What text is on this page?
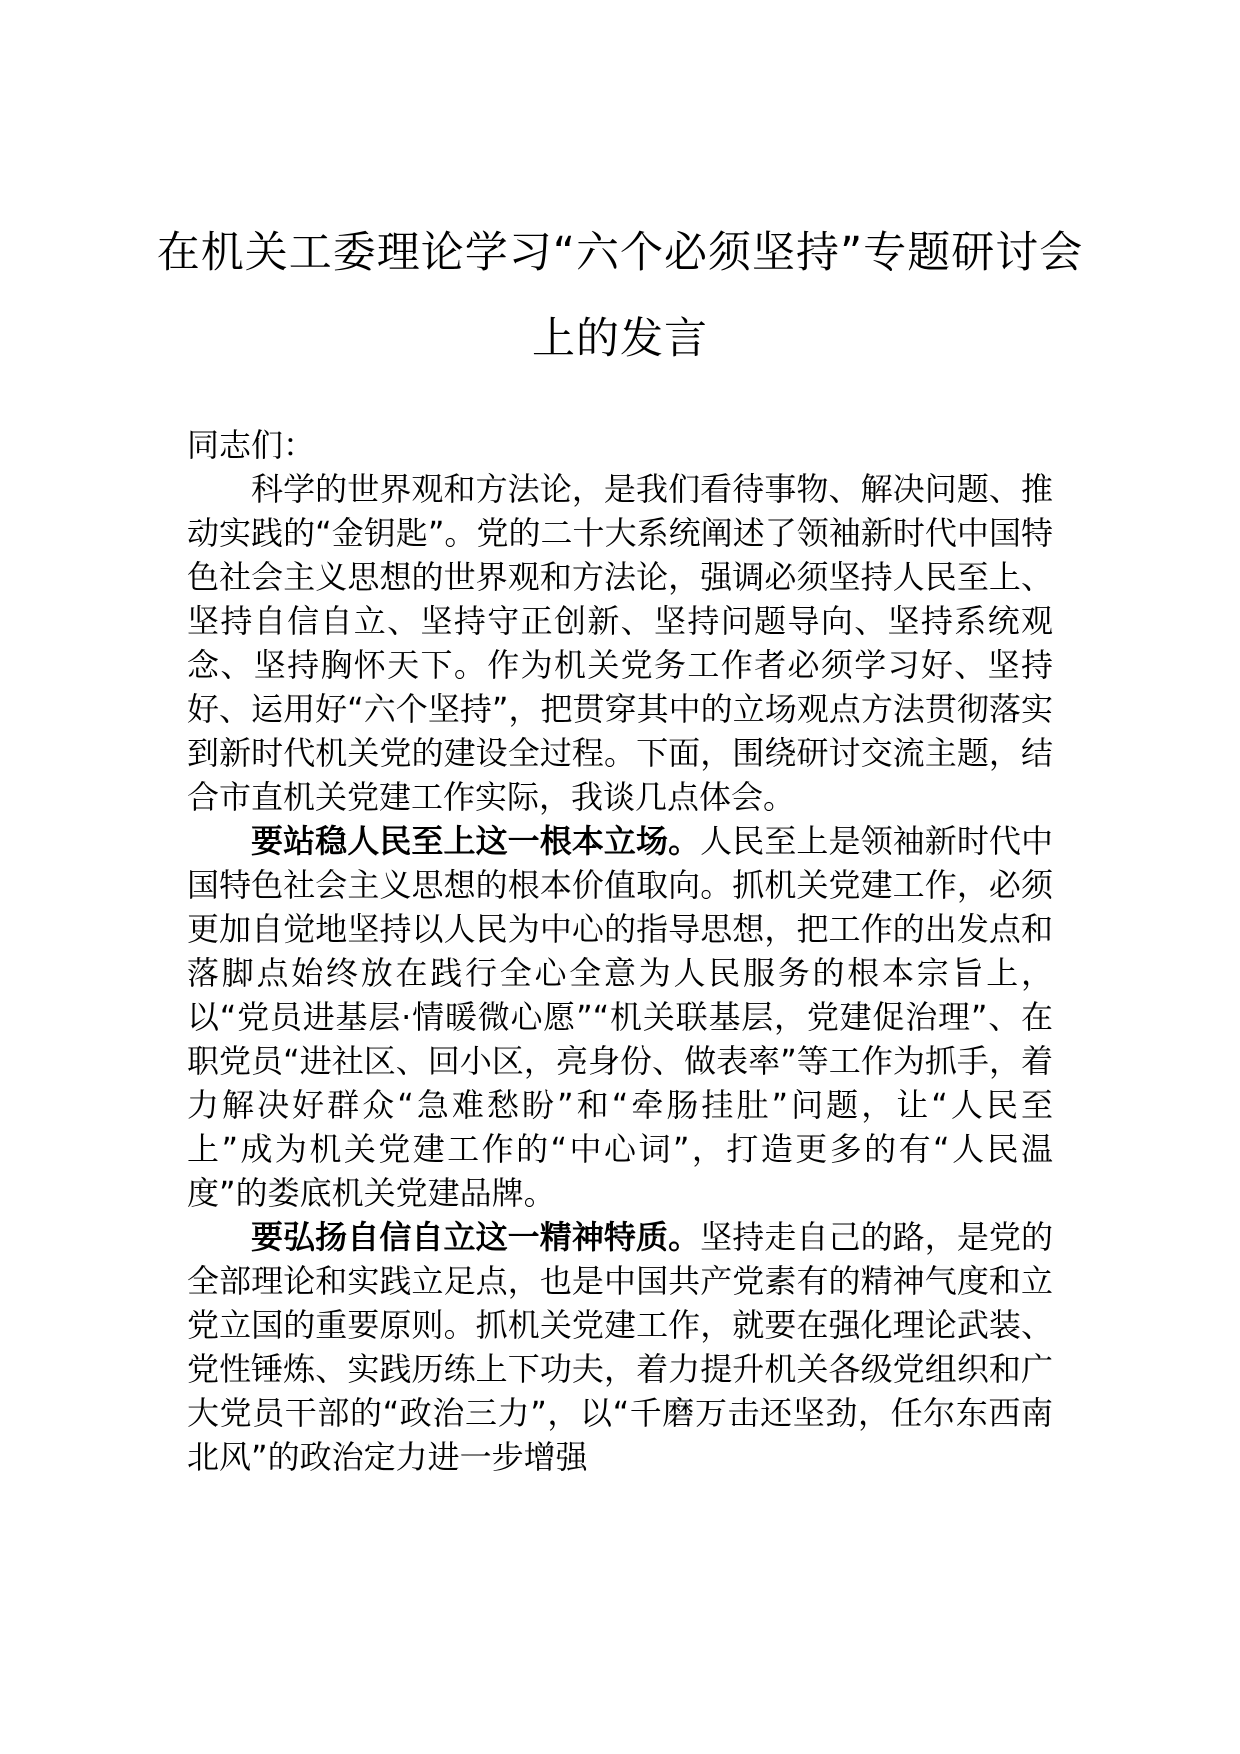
在机关工委理论学习“六个必须坚持”专题研讨会上的发言

同志们：

科学的世界观和方法论，是我们看待事物、解决问题、推动实践的“金钥匙”。党的二十大系统阐述了领袖新时代中国特色社会主义思想的世界观和方法论，强调必须坚持人民至上、坚持自信自立、坚持守正创新、坚持问题导向、坚持系统观念、坚持胸怀天下。作为机关党务工作者必须学习好、坚持好、运用好“六个坚持”，把贯穿其中的立场观点方法贯彻落实到新时代机关党的建设全过程。下面，围绕研讨交流主题，结合市直机关党建工作实际，我谈几点体会。

要站稳人民至上这一根本立场。人民至上是领袖新时代中国特色社会主义思想的根本价值取向。抓机关党建工作，必须更加自觉地坚持以人民为中心的指导思想，把工作的出发点和落脚点始终放在践行全心全意为人民服务的根本宗旨上，以“党员进基层·情暖微心愿”“机关联基层，党建促治理”、在职党员“进社区、回小区，亮身份、做表率”等工作为抓手，着力解决好群众“急难愁盼”和“牵肠挂肚”问题，让“人民至上”成为机关党建工作的“中心词”，打造更多的有“人民温度”的娄底机关党建品牌。

要弘扬自信自立这一精神特质。坚持走自己的路，是党的全部理论和实践立足点，也是中国共产党素有的精神气度和立党立国的重要原则。抓机关党建工作，就要在强化理论武装、党性锤炼、实践历练上下功夫，着力提升机关各级党组织和广大党员干部的“政治三力”，以“千磨万击还坚劲，任尔东西南北风”的政治定力进一步增强
